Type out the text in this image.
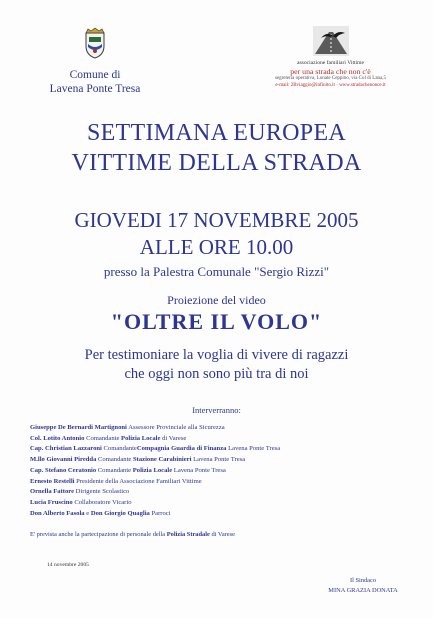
Comune di
Lavena Ponte Tresa
associazione familiari Vittime
per una strada che non c'è
segreteria operativa, Lonate Ceppino, via Col di Lana,5
e-mail: 2Bviaggio@infinito.it · www.stradachenonce.it
SETTIMANA EUROPEA
VITTIME DELLA STRADA
GIOVEDI 17 NOVEMBRE 2005
ALLE ORE 10.00
presso la Palestra Comunale "Sergio Rizzi"
Proiezione del video
"OLTRE IL VOLO"
Per testimoniare la voglia di vivere di ragazzi
che oggi non sono più tra di noi
Interverranno:
Giuseppe De Bernardi Martignoni Assessore Provinciale alla Sicurezza
Col. Lotito Antonio Comandante Polizia Locale di Varese
Cap. Christian Lazzaroni ComandanteCompagnia Guardia di Finanza Lavena Ponte Tresa
M.llo Giovanni Piredda Comandante Stazione Carabinieri Lavena Ponte Tresa
Cap. Stefano Ceratonio Comandante Polizia Locale Lavena Ponte Tresa
Ernesto Restelli Presidente della Associazione Familiari Vittime
Ornella Fattore Dirigente Scolastico
Lucia Fruscino Collaboratore Vicario
Don Alberto Fasola e Don Giorgio Quaglia Parroci
E' prevista anche la partecipazione di personale della Polizia Stradale di Varese
14 novembre 2005
Il Sindaco
MINA GRAZIA DONATA
